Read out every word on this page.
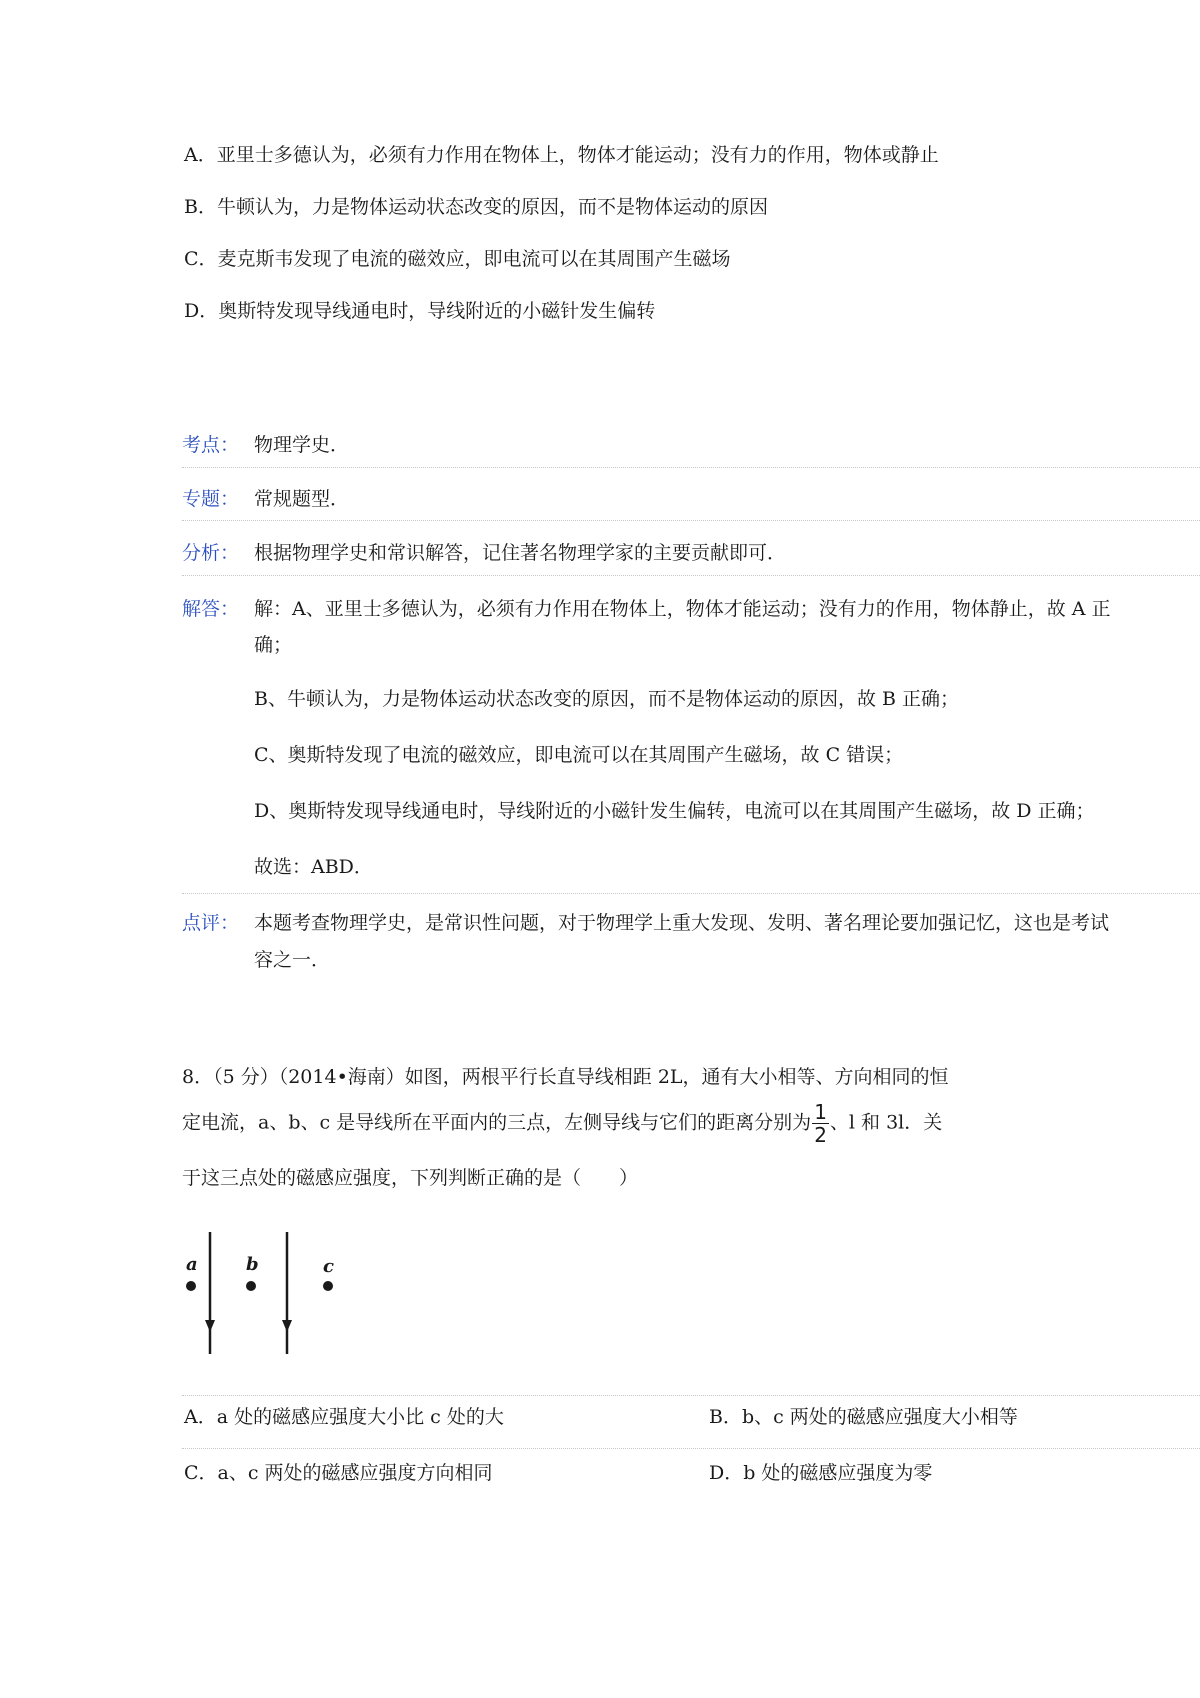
A．亚里士多德认为，必须有力作用在物体上，物体才能运动；没有力的作用，物体或静止
B．牛顿认为，力是物体运动状态改变的原因，而不是物体运动的原因
C．麦克斯韦发现了电流的磁效应，即电流可以在其周围产生磁场
D．奥斯特发现导线通电时，导线附近的小磁针发生偏转
考点： 物理学史．
专题： 常规题型．
分析： 根据物理学史和常识解答，记住著名物理学家的主要贡献即可．
解答： 解：A、亚里士多德认为，必须有力作用在物体上，物体才能运动；没有力的作用，物体静止，故 A 正
确；
B、牛顿认为，力是物体运动状态改变的原因，而不是物体运动的原因，故 B 正确；
C、奥斯特发现了电流的磁效应，即电流可以在其周围产生磁场，故 C 错误；
D、奥斯特发现导线通电时，导线附近的小磁针发生偏转，电流可以在其周围产生磁场，故 D 正确；
故选：ABD．
点评： 本题考查物理学史，是常识性问题，对于物理学上重大发现、发明、著名理论要加强记忆，这也是考试
容之一．
8．（5 分）（2014•海南）如图，两根平行长直导线相距 2L，通有大小相等、方向相同的恒
定电流，a、b、c 是导线所在平面内的三点，左侧导线与它们的距离分别为 $\frac{1}{2}$ 、l 和 3l．关
于这三点处的磁感应强度，下列判断正确的是（　　）
a	b	c
A．a 处的磁感应强度大小比 c 处的大	B．b、c 两处的磁感应强度大小相等
C．a、c 两处的磁感应强度方向相同	D．b 处的磁感应强度为零
